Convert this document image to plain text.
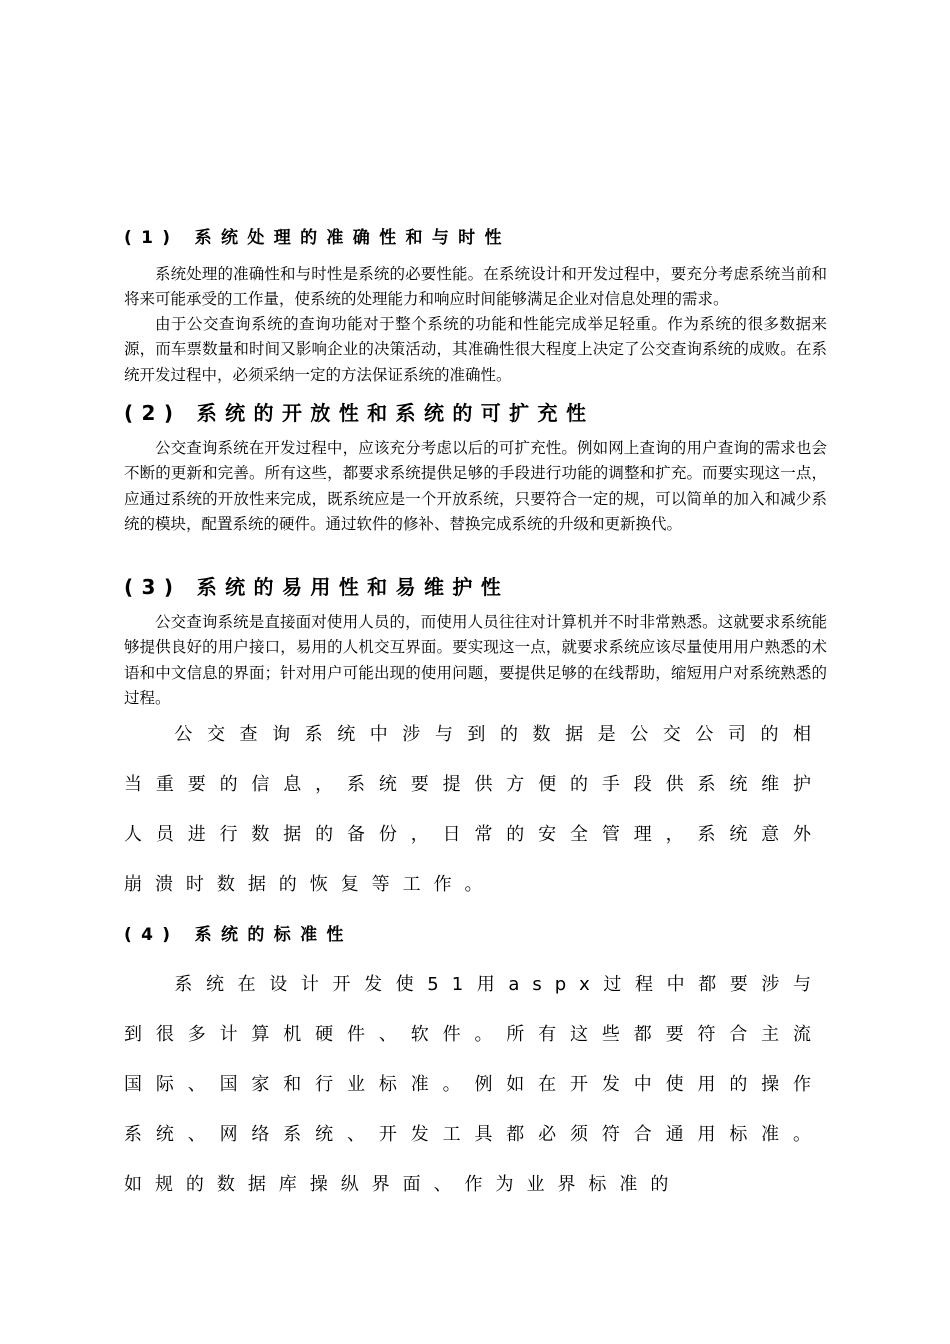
(1) 系统处理的准确性和与时性

系统处理的准确性和与时性是系统的必要性能。在系统设计和开发过程中，要充分考虑系统当前和将来可能承受的工作量，使系统的处理能力和响应时间能够满足企业对信息处理的需求。

由于公交查询系统的查询功能对于整个系统的功能和性能完成举足轻重。作为系统的很多数据来源，而车票数量和时间又影响企业的决策活动，其准确性很大程度上决定了公交查询系统的成败。在系统开发过程中，必须采纳一定的方法保证系统的准确性。

(2) 系统的开放性和系统的可扩充性

公交查询系统在开发过程中，应该充分考虑以后的可扩充性。例如网上查询的用户查询的需求也会不断的更新和完善。所有这些，都要求系统提供足够的手段进行功能的调整和扩充。而要实现这一点，应通过系统的开放性来完成，既系统应是一个开放系统，只要符合一定的规，可以简单的加入和减少系统的模块，配置系统的硬件。通过软件的修补、替换完成系统的升级和更新换代。

(3) 系统的易用性和易维护性

公交查询系统是直接面对使用人员的，而使用人员往往对计算机并不时非常熟悉。这就要求系统能够提供良好的用户接口，易用的人机交互界面。要实现这一点，就要求系统应该尽量使用用户熟悉的术语和中文信息的界面；针对用户可能出现的使用问题，要提供足够的在线帮助，缩短用户对系统熟悉的过程。

公交查询系统中涉与到的数据是公交公司的相当重要的信息，系统要提供方便的手段供系统维护人员进行数据的备份，日常的安全管理，系统意外崩溃时数据的恢复等工作。

(4) 系统的标准性

系统在设计开发使51用aspx过程中都要涉与到很多计算机硬件、软件。所有这些都要符合主流国际、国家和行业标准。例如在开发中使用的操作系统、网络系统、开发工具都必须符合通用标准。如规的数据库操纵界面、作为业界标准的
